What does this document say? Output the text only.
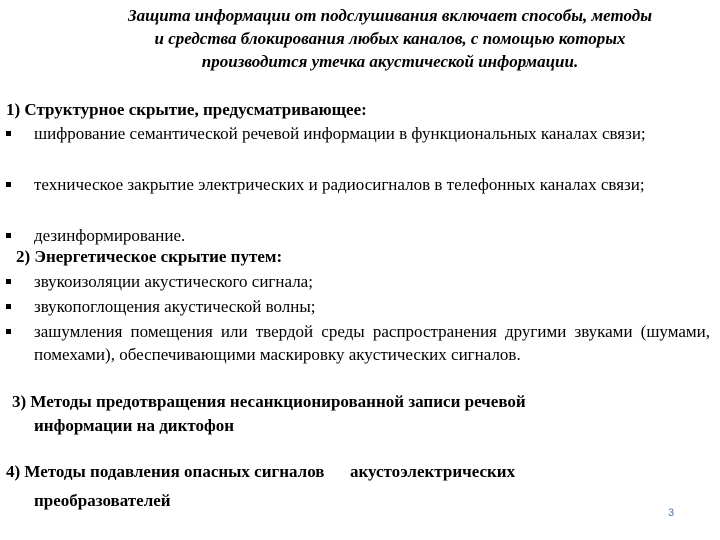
Защита информации от подслушивания включает способы, методы
и средства блокирования любых каналов, с помощью которых
производится утечка акустической информации.
1) Структурное скрытие, предусматривающее:
шифрование семантической речевой информации в функциональных каналах связи;
техническое закрытие электрических и радиосигналов в телефонных каналах связи;
дезинформирование.
2) Энергетическое скрытие путем:
звукоизоляции акустического сигнала;
звукопоглощения акустической волны;
зашумления помещения или твердой среды распространения другими звуками (шумами, помехами), обеспечивающими маскировку акустических сигналов.
3) Методы предотвращения несанкционированной записи речевой
информации на диктофон
4) Методы подавления опасных сигналов      акустоэлектрических
преобразователей
3
